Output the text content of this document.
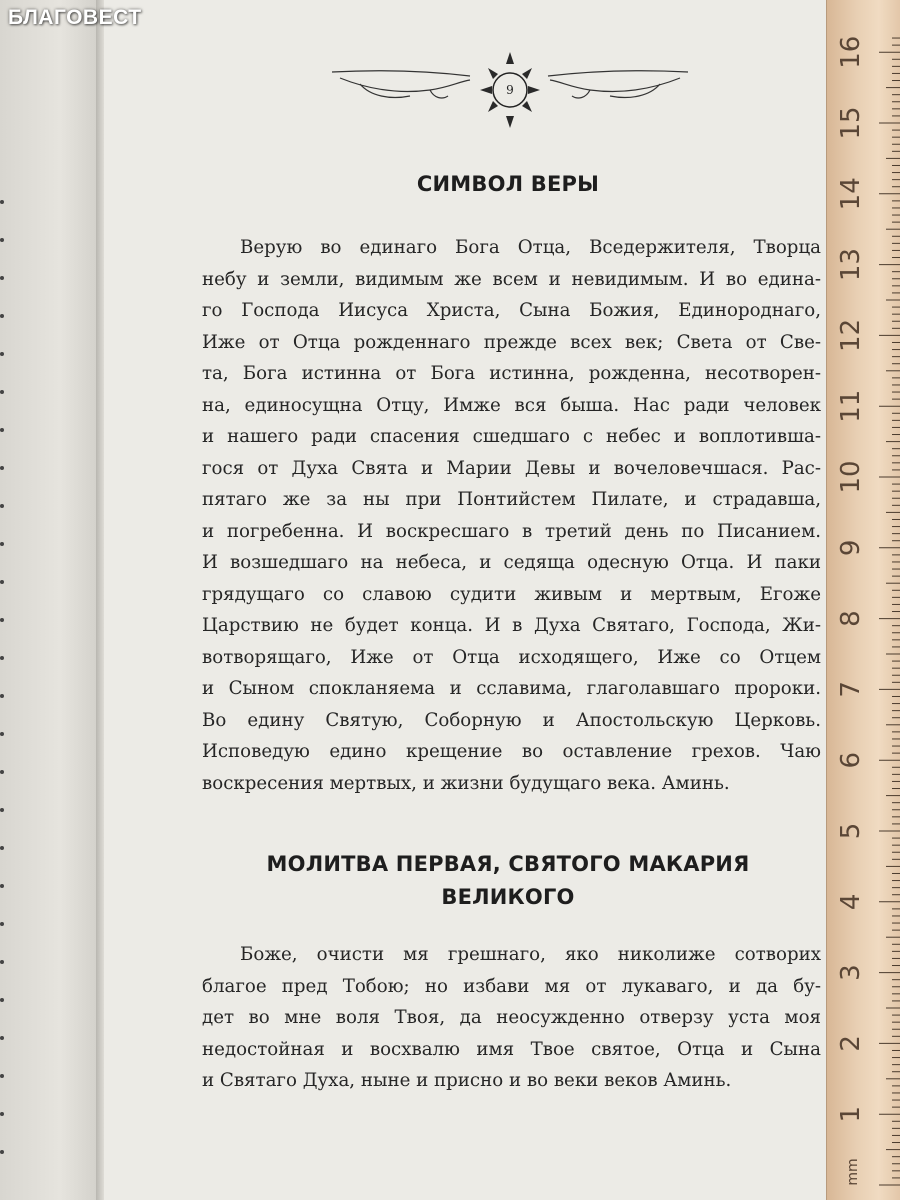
БЛАГОВЕСТ
9
СИМВОЛ ВЕРЫ

Верую во единаго Бога Отца, Вседержителя, Творца
небу и земли, видимым же всем и невидимым. И во едина-
го Господа Иисуса Христа, Сына Божия, Единороднаго,
Иже от Отца рожденнаго прежде всех век; Света от Све-
та, Бога истинна от Бога истинна, рожденна, несотворен-
на, единосущна Отцу, Имже вся быша. Нас ради человек
и нашего ради спасения сшедшаго с небес и воплотивша-
гося от Духа Свята и Марии Девы и вочеловечшася. Рас-
пятаго же за ны при Понтийстем Пилате, и страдавша,
и погребенна. И воскресшаго в третий день по Писанием.
И возшедшаго на небеса, и седяща одесную Отца. И паки
грядущаго со славою судити живым и мертвым, Егоже
Царствию не будет конца. И в Духа Святаго, Господа, Жи-
вотворящаго, Иже от Отца исходящего, Иже со Отцем
и Сыном спокланяема и сславима, глаголавшаго пророки.
Во едину Святую, Соборную и Апостольскую Церковь.
Исповедую едино крещение во оставление грехов. Чаю
воскресения мертвых, и жизни будущаго века. Аминь.

МОЛИТВА ПЕРВАЯ, СВЯТОГО МАКАРИЯ
ВЕЛИКОГО

Боже, очисти мя грешнаго, яко николиже сотворих
благое пред Тобою; но избави мя от лукаваго, и да бу-
дет во мне воля Твоя, да неосужденно отверзу уста моя
недостойная и восхвалю имя Твое святое, Отца и Сына
и Святаго Духа, ныне и присно и во веки веков Аминь.

1
2
3
4
5
6
7
8
9
10
11
12
13
14
15
16
mm
